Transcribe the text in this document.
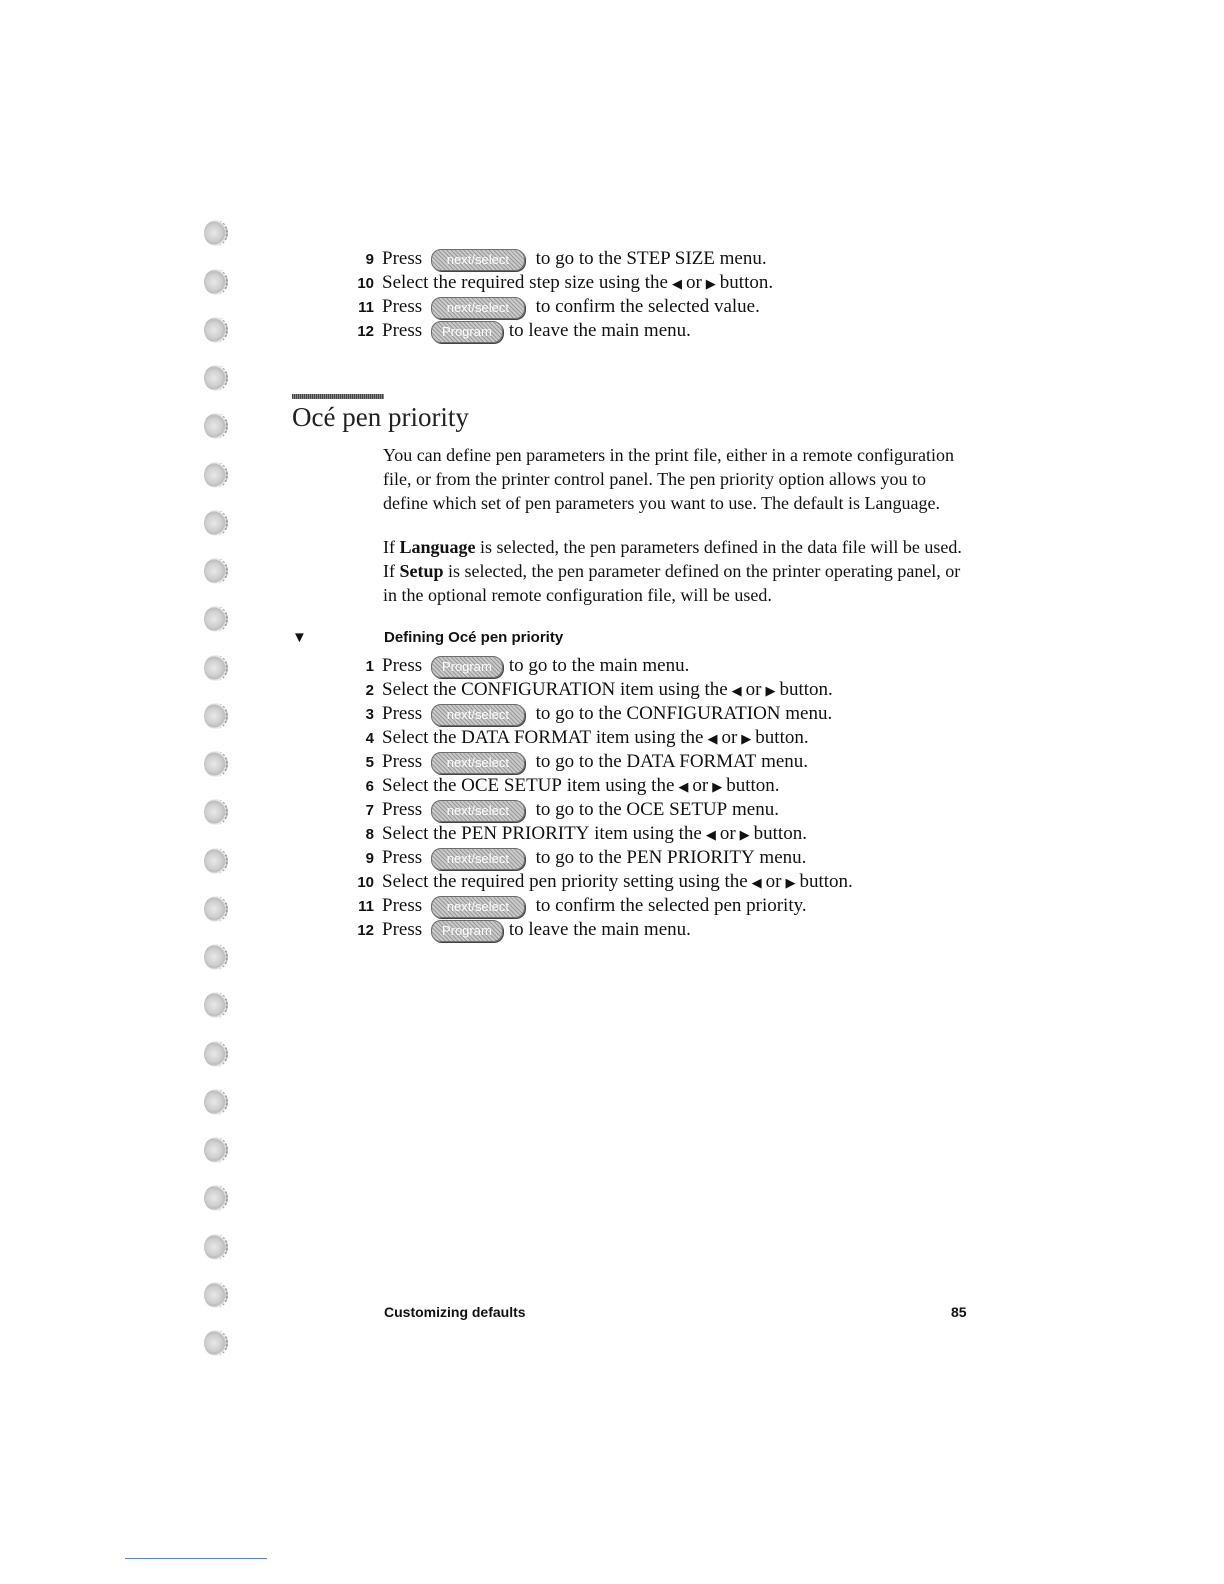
9 Press next/select to go to the STEP SIZE menu.
10 Select the required step size using the ◀ or ▶ button.
11 Press next/select to confirm the selected value.
12 Press Program to leave the main menu.
Océ pen priority

You can define pen parameters in the print file, either in a remote configuration file, or from the printer control panel. The pen priority option allows you to define which set of pen parameters you want to use. The default is Language.

If Language is selected, the pen parameters defined in the data file will be used. If Setup is selected, the pen parameter defined on the printer operating panel, or in the optional remote configuration file, will be used.

▼	Defining Océ pen priority
1 Press Program to go to the main menu.
2 Select the CONFIGURATION item using the ◀ or ▶ button.
3 Press next/select to go to the CONFIGURATION menu.
4 Select the DATA FORMAT item using the ◀ or ▶ button.
5 Press next/select to go to the DATA FORMAT menu.
6 Select the OCE SETUP item using the ◀ or ▶ button.
7 Press next/select to go to the OCE SETUP menu.
8 Select the PEN PRIORITY item using the ◀ or ▶ button.
9 Press next/select to go to the PEN PRIORITY menu.
10 Select the required pen priority setting using the ◀ or ▶ button.
11 Press next/select to confirm the selected pen priority.
12 Press Program to leave the main menu.
Customizing defaults	85
